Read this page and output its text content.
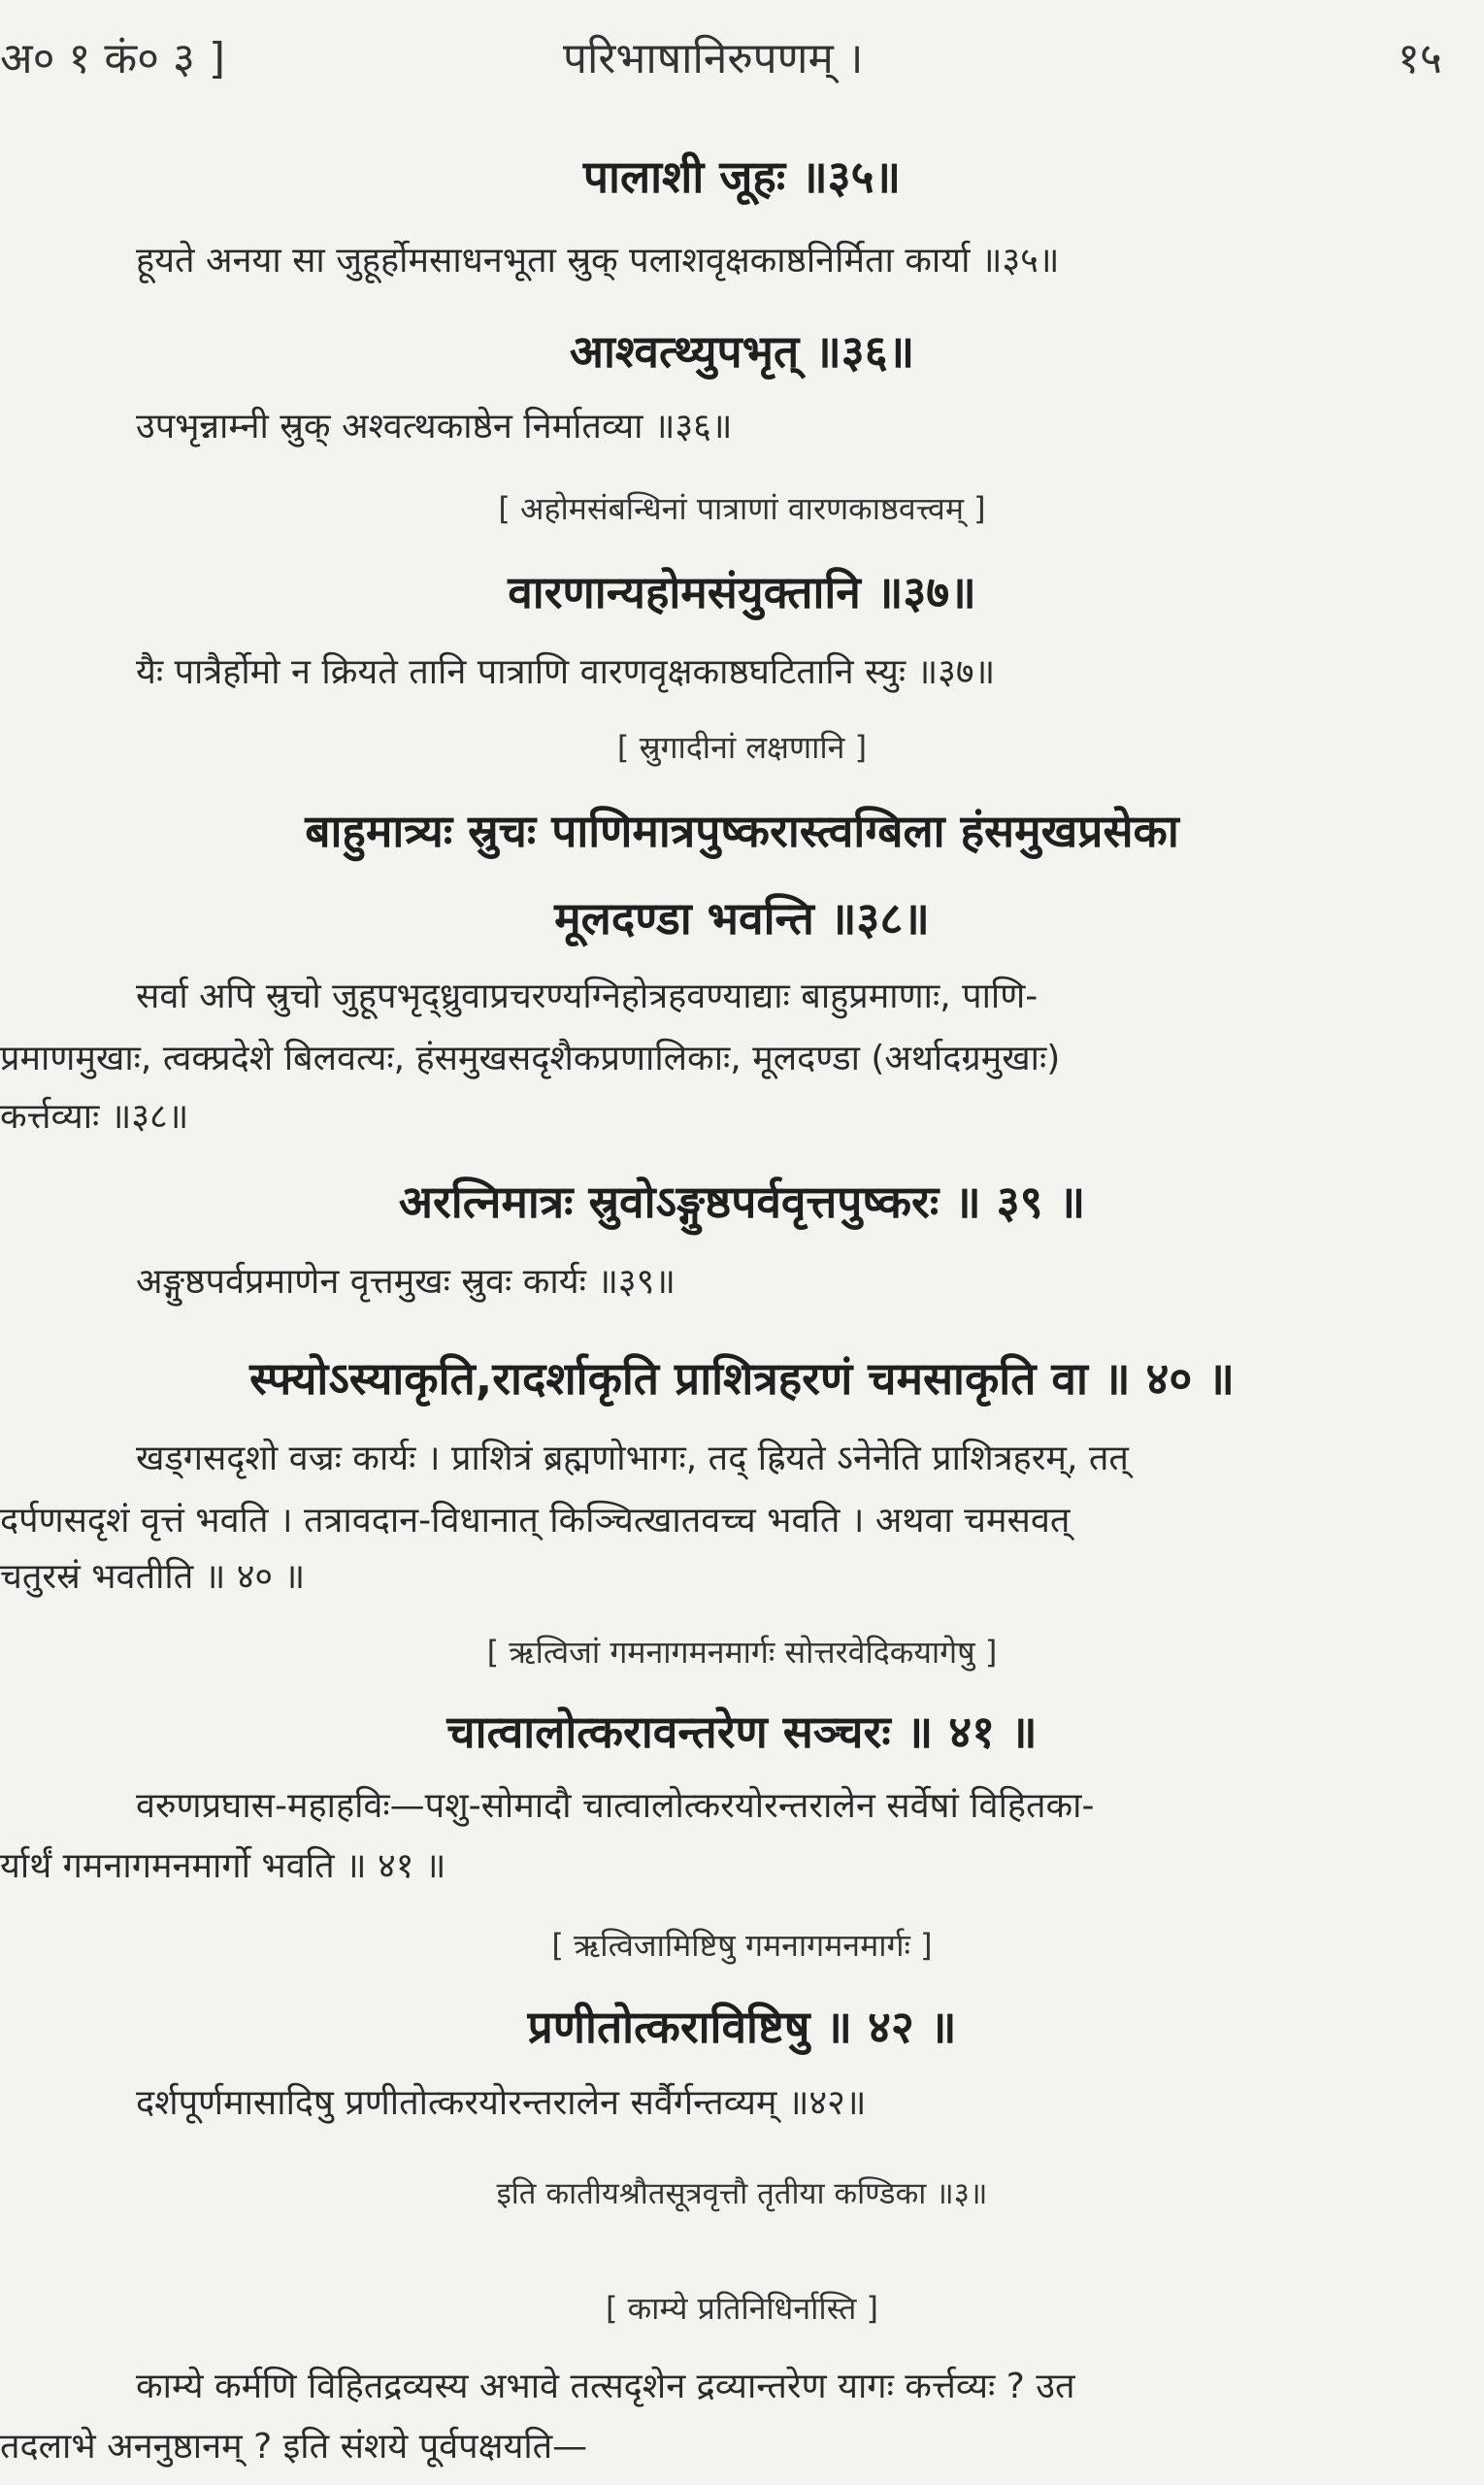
अ० १ कं० ३ ]	परिभाषानिरुपणम् ।	१५
पालाशी जूहः ॥३५॥
हूयते अनया सा जुहूर्होमसाधनभूता स्रुक् पलाशवृक्षकाष्ठनिर्मिता कार्या ॥३५॥
आश्वत्थ्युपभृत् ॥३६॥
उपभृन्नाम्नी स्रुक् अश्वत्थकाष्ठेन निर्मातव्या ॥३६॥
[ अहोमसंबन्धिनां पात्राणां वारणकाष्ठवत्त्वम् ]
वारणान्यहोमसंयुक्तानि ॥३७॥
यैः पात्रैर्होमो न क्रियते तानि पात्राणि वारणवृक्षकाष्ठघटितानि स्युः ॥३७॥
[ स्रुगादीनां लक्षणानि ]
बाहुमात्र्यः स्रुचः पाणिमात्रपुष्करास्त्वग्बिला हंसमुखप्रसेका
मूलदण्डा भवन्ति ॥३८॥
सर्वा अपि स्रुचो जुहूपभृद्ध्रुवाप्रचरण्यग्निहोत्रहवण्याद्याः बाहुप्रमाणाः, पाणि-
प्रमाणमुखाः, त्वक्प्रदेशे बिलवत्यः, हंसमुखसदृशैकप्रणालिकाः, मूलदण्डा (अर्थादग्रमुखाः)
कर्त्तव्याः ॥३८॥
अरत्निमात्रः स्रुवोऽङ्गुष्ठपर्ववृत्तपुष्करः ॥ ३९ ॥
अङ्गुष्ठपर्वप्रमाणेन वृत्तमुखः स्रुवः कार्यः ॥३९॥
स्फ्योऽस्याकृति,रादर्शाकृति प्राशित्रहरणं चमसाकृति वा ॥ ४० ॥
खड्गसदृशो वज्रः कार्यः । प्राशित्रं ब्रह्मणोभागः, तद् ह्रियते ऽनेनेति प्राशित्रहरम्, तत्
दर्पणसदृशं वृत्तं भवति । तत्रावदान-विधानात् किञ्चित्खातवच्च भवति । अथवा चमसवत्
चतुरस्रं भवतीति ॥ ४० ॥
[ ऋत्विजां गमनागमनमार्गः सोत्तरवेदिकयागेषु ]
चात्वालोत्करावन्तरेण सञ्चरः ॥ ४१ ॥
वरुणप्रघास-महाहविः—पशु-सोमादौ चात्वालोत्करयोरन्तरालेन सर्वेषां विहितका-
र्यार्थं गमनागमनमार्गो भवति ॥ ४१ ॥
[ ऋत्विजामिष्टिषु गमनागमनमार्गः ]
प्रणीतोत्कराविष्टिषु ॥ ४२ ॥
दर्शपूर्णमासादिषु प्रणीतोत्करयोरन्तरालेन सर्वैर्गन्तव्यम् ॥४२॥
इति कातीयश्रौतसूत्रवृत्तौ तृतीया कण्डिका ॥३॥
[ काम्ये प्रतिनिधिर्नास्ति ]
काम्ये कर्मणि विहितद्रव्यस्य अभावे तत्सदृशेन द्रव्यान्तरेण यागः कर्त्तव्यः ? उत
तदलाभे अननुष्ठानम् ? इति संशये पूर्वपक्षयति—
